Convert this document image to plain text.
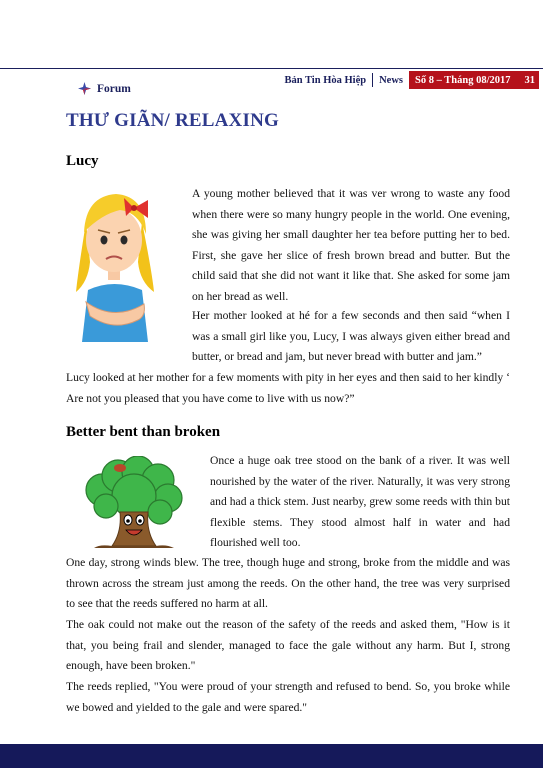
Bản Tin Hòa Hiệp	News	Số 8 – Tháng 08/2017	31
Forum
THƯ GIÃN/ RELAXING
Lucy
A young mother believed that it was ver wrong to waste any food when there were so many hungry people in the world. One evening, she was giving her small daughter her tea before putting her to bed. First, she gave her slice of fresh brown bread and butter. But the child said that she did not want it like that. She asked for some jam on her bread as well.
Her mother looked at hé for a few seconds and then said “when I was a small girl like you, Lucy, I was always given either bread and butter, or bread and jam, but never bread with butter and jam.”
Lucy looked at her mother for a few moments with pity in her eyes and then said to her kindly ‘ Are not you pleased that you have come to live with us now?”
Better bent than broken
Once a huge oak tree stood on the bank of a river. It was well nourished by the water of the river. Naturally, it was very strong and had a thick stem. Just nearby, grew some reeds with thin but flexible stems. They stood almost half in water and had flourished well too.
One day, strong winds blew. The tree, though huge and strong, broke from the middle and was thrown across the stream just among the reeds. On the other hand, the tree was very surprised to see that the reeds suffered no harm at all.
The oak could not make out the reason of the safety of the reeds and asked them, "How is it that, you being frail and slender, managed to face the gale without any harm. But I, strong enough, have been broken."
The reeds replied, "You were proud of your strength and refused to bend. So, you broke while we bowed and yielded to the gale and were spared."
